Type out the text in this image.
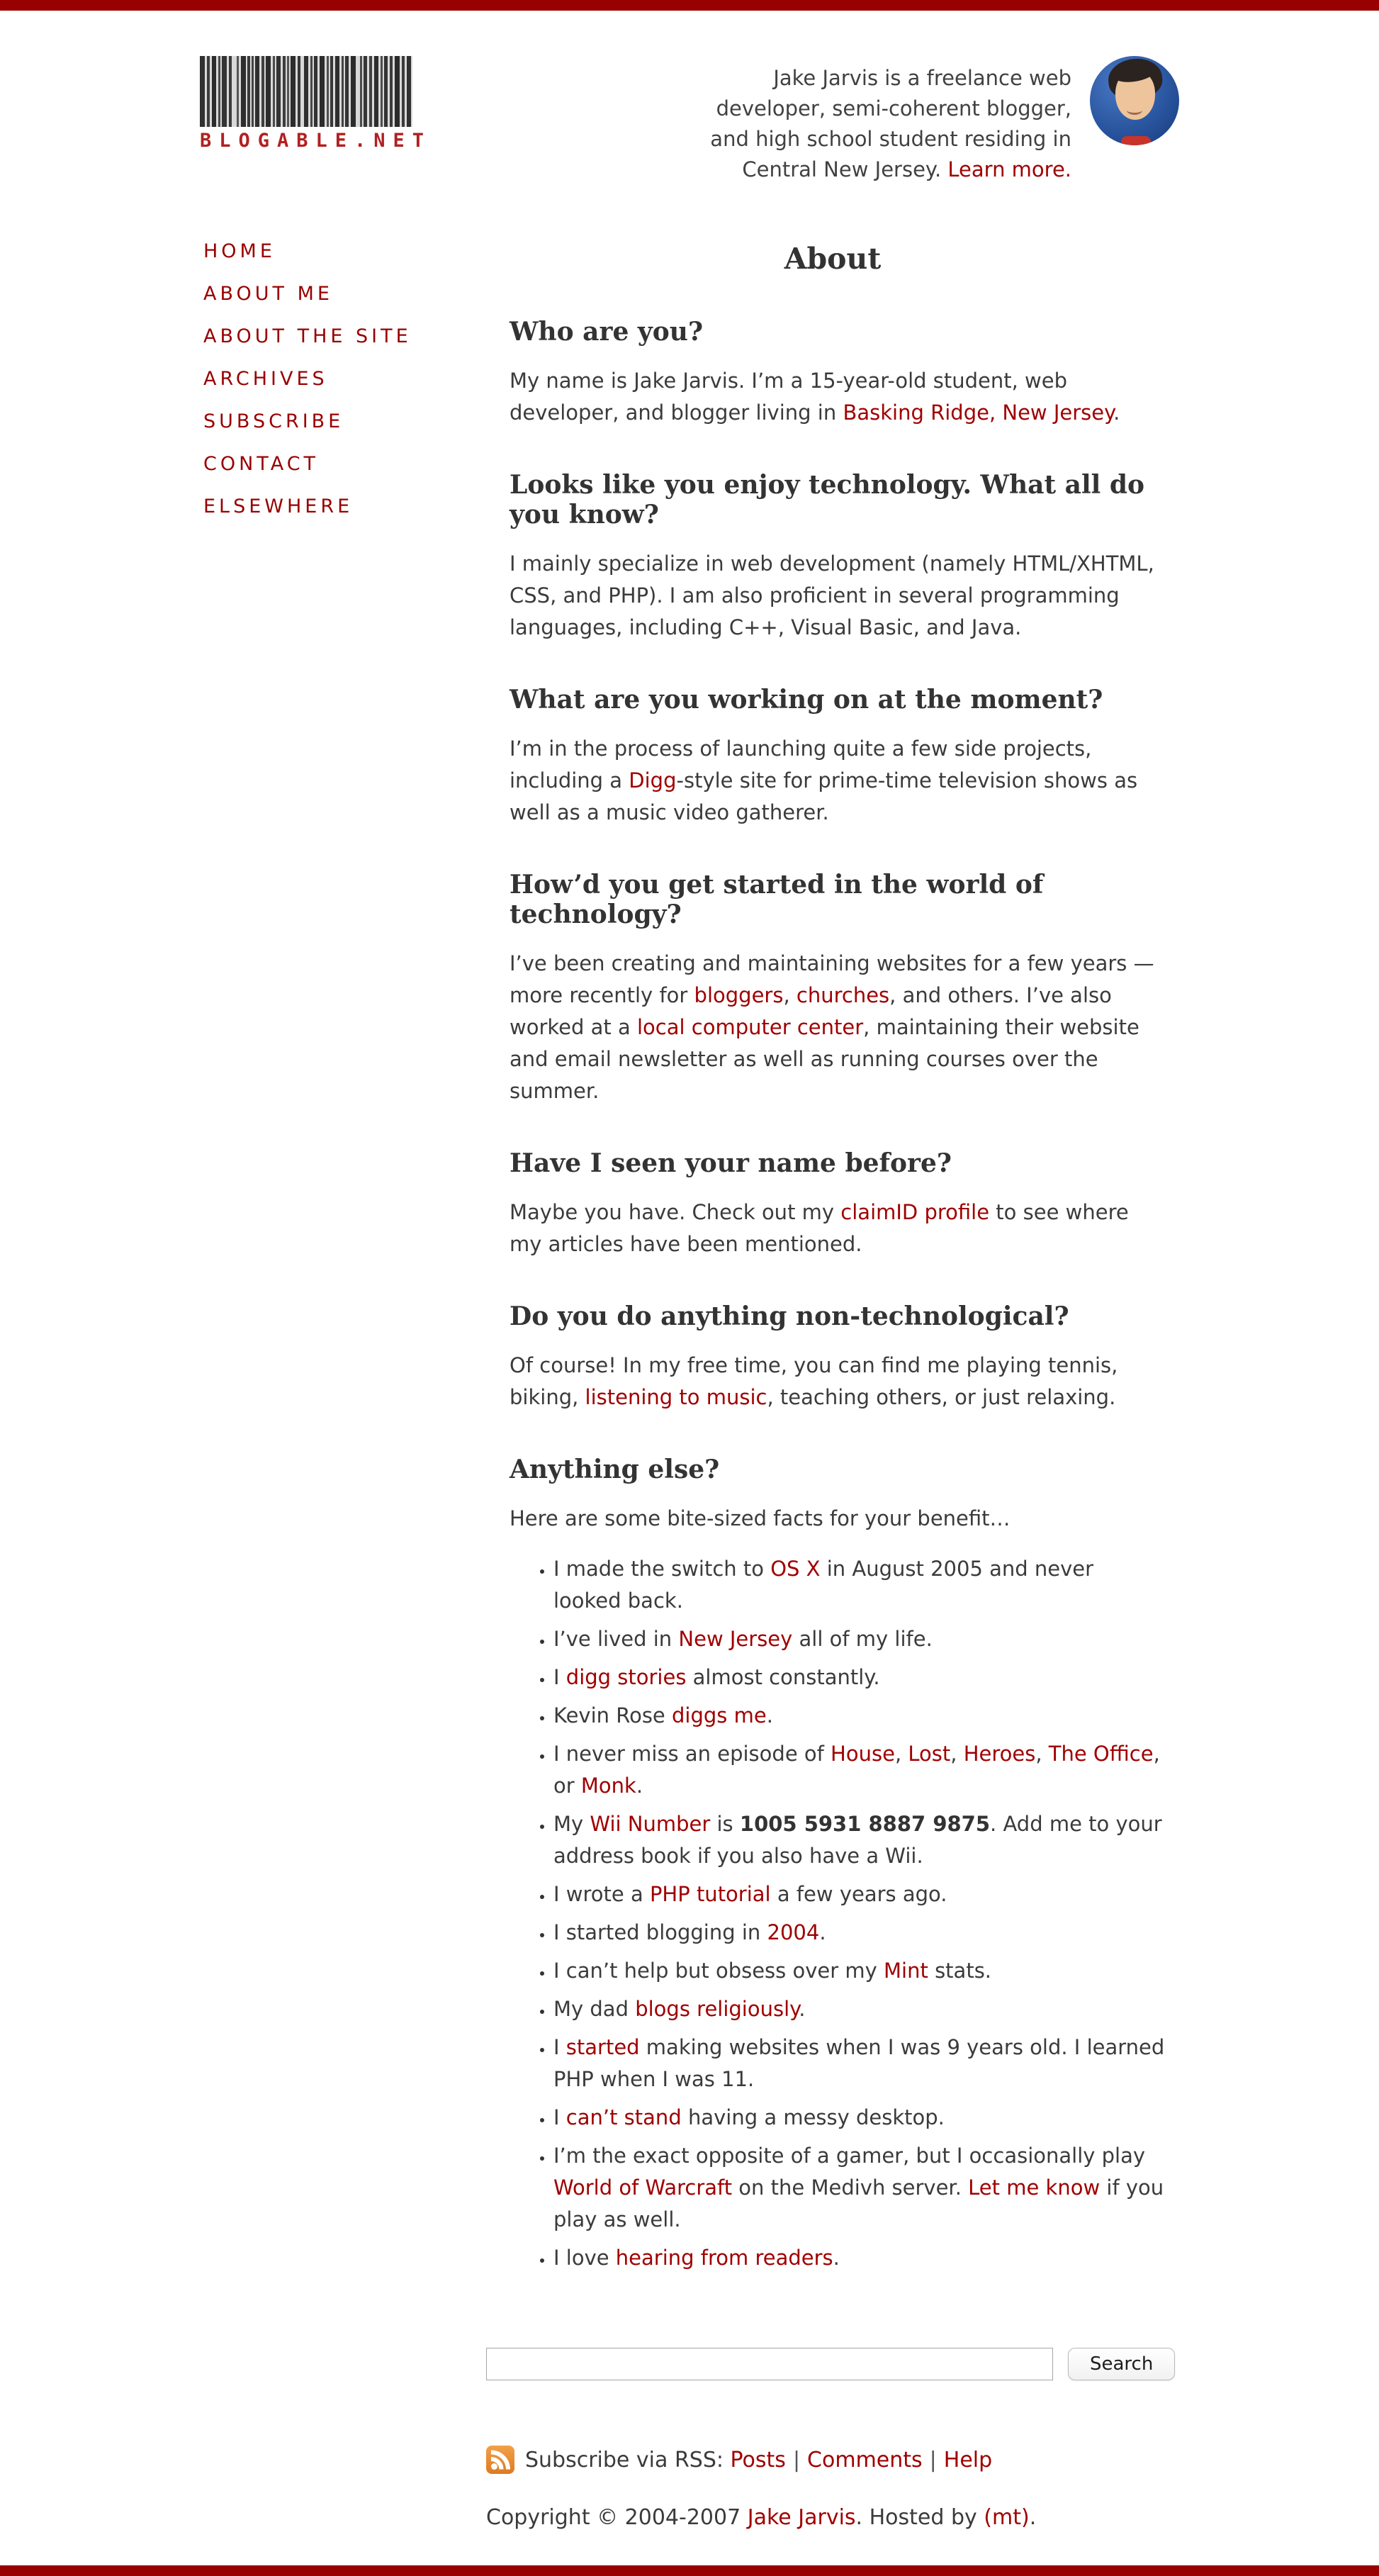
BLOGABLE.NET
Jake Jarvis is a freelance web developer, semi-coherent blogger, and high school student residing in Central New Jersey. Learn more.
HOME
ABOUT ME
ABOUT THE SITE
ARCHIVES
SUBSCRIBE
CONTACT
ELSEWHERE
About
Who are you?

My name is Jake Jarvis. I’m a 15-year-old student, web developer, and blogger living in Basking Ridge, New Jersey.

Looks like you enjoy technology. What all do you know?

I mainly specialize in web development (namely HTML/XHTML, CSS, and PHP). I am also proficient in several programming languages, including C++, Visual Basic, and Java.

What are you working on at the moment?

I’m in the process of launching quite a few side projects, including a Digg-style site for prime-time television shows as well as a music video gatherer.

How’d you get started in the world of technology?

I’ve been creating and maintaining websites for a few years — more recently for bloggers, churches, and others. I’ve also worked at a local computer center, maintaining their website and email newsletter as well as running courses over the summer.

Have I seen your name before?

Maybe you have. Check out my claimID profile to see where my articles have been mentioned.

Do you do anything non-technological?

Of course! In my free time, you can find me playing tennis, biking, listening to music, teaching others, or just relaxing.

Anything else?

Here are some bite-sized facts for your benefit…

• I made the switch to OS X in August 2005 and never looked back.
• I’ve lived in New Jersey all of my life.
• I digg stories almost constantly.
• Kevin Rose diggs me.
• I never miss an episode of House, Lost, Heroes, The Office, or Monk.
• My Wii Number is 1005 5931 8887 9875. Add me to your address book if you also have a Wii.
• I wrote a PHP tutorial a few years ago.
• I started blogging in 2004.
• I can’t help but obsess over my Mint stats.
• My dad blogs religiously.
• I started making websites when I was 9 years old. I learned PHP when I was 11.
• I can’t stand having a messy desktop.
• I’m the exact opposite of a gamer, but I occasionally play World of Warcraft on the Medivh server. Let me know if you play as well.
• I love hearing from readers.
Search
Subscribe via RSS: Posts | Comments | Help
Copyright © 2004-2007 Jake Jarvis. Hosted by (mt).
